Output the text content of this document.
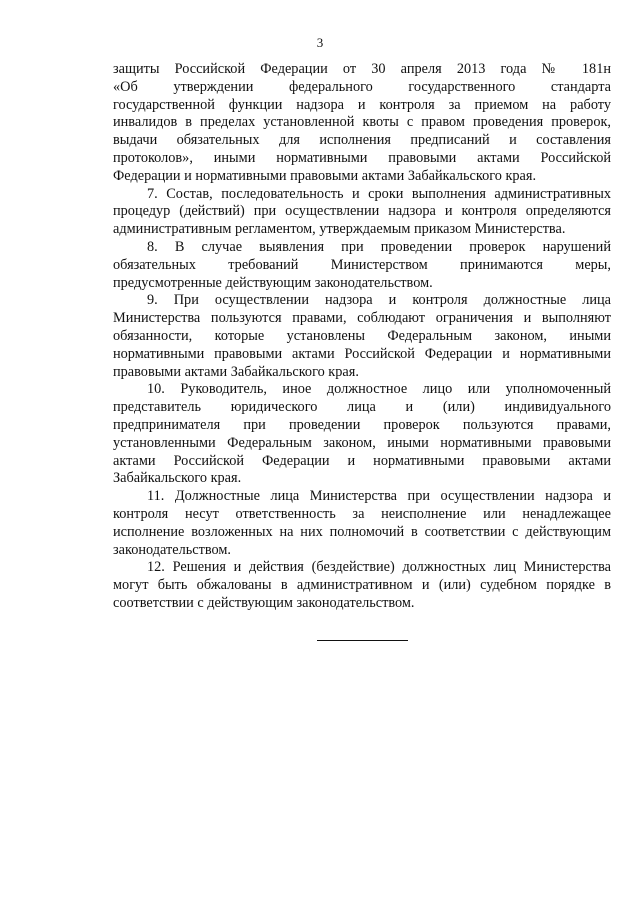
3

защиты Российской Федерации от 30 апреля 2013 года № 181н
«Об утверждении федерального государственного стандарта
государственной функции надзора и контроля за приемом на работу
инвалидов в пределах установленной квоты с правом проведения проверок,
выдачи обязательных для исполнения предписаний и составления
протоколов», иными нормативными правовыми актами Российской
Федерации и нормативными правовыми актами Забайкальского края.

7. Состав, последовательность и сроки выполнения административных
процедур (действий) при осуществлении надзора и контроля определяются
административным регламентом, утверждаемым приказом Министерства.

8. В случае выявления при проведении проверок нарушений
обязательных требований Министерством принимаются меры,
предусмотренные действующим законодательством.

9. При осуществлении надзора и контроля должностные лица
Министерства пользуются правами, соблюдают ограничения и выполняют
обязанности, которые установлены Федеральным законом, иными
нормативными правовыми актами Российской Федерации и нормативными
правовыми актами Забайкальского края.

10. Руководитель, иное должностное лицо или уполномоченный
представитель юридического лица и (или) индивидуального
предпринимателя при проведении проверок пользуются правами,
установленными Федеральным законом, иными нормативными правовыми
актами Российской Федерации и нормативными правовыми актами
Забайкальского края.

11. Должностные лица Министерства при осуществлении надзора и
контроля несут ответственность за неисполнение или ненадлежащее
исполнение возложенных на них полномочий в соответствии с действующим
законодательством.

12. Решения и действия (бездействие) должностных лиц Министерства
могут быть обжалованы в административном и (или) судебном порядке в
соответствии с действующим законодательством.
